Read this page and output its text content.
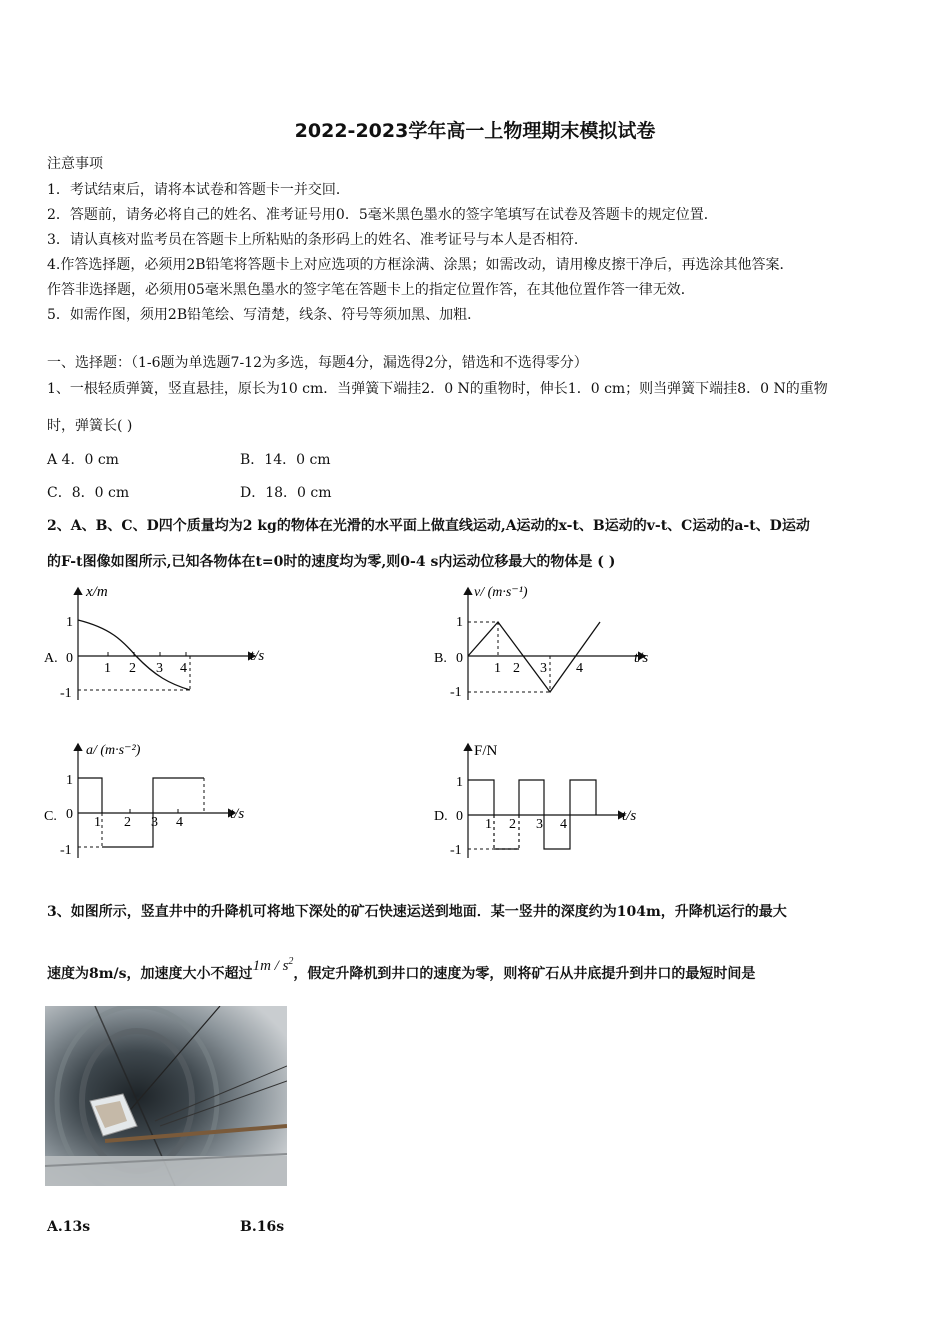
2022-2023学年高一上物理期末模拟试卷
注意事项
1．考试结束后，请将本试卷和答题卡一并交回．
2．答题前，请务必将自己的姓名、准考证号用0．5毫米黑色墨水的签字笔填写在试卷及答题卡的规定位置．
3．请认真核对监考员在答题卡上所粘贴的条形码上的姓名、准考证号与本人是否相符．
4.作答选择题，必须用2B铅笔将答题卡上对应选项的方框涂满、涂黑；如需改动，请用橡皮擦干净后，再选涂其他答案．
作答非选择题，必须用05毫米黑色墨水的签字笔在答题卡上的指定位置作答，在其他位置作答一律无效．
5．如需作图，须用2B铅笔绘、写清楚，线条、符号等须加黑、加粗．
一、选择题：（1-6题为单选题7-12为多选，每题4分，漏选得2分，错选和不选得零分）
1、一根轻质弹簧，竖直悬挂，原长为10 cm．当弹簧下端挂2．0 N的重物时，伸长1．0 cm；则当弹簧下端挂8．0 N的重物
时，弹簧长( )
A 4．0 cm	B．14．0 cm
C．8．0 cm	D．18．0 cm
2、A、B、C、D四个质量均为2 kg的物体在光滑的水平面上做直线运动,A运动的x-t、B运动的v-t、C运动的a-t、D运动
的F-t图像如图所示,已知各物体在t=0时的速度均为零,则0-4 s内运动位移最大的物体是 ( )
A.
x/m
t/s
1
0
-1
1 2 3 4
B.
v/ (m·s⁻¹)
t/s
1
0
-1
1 2 3 4
C.
a/ (m·s⁻²)
t/s
1
0
-1
1 2 3 4	D.
F/N
t/s
1
0
-1
1 2 3 4
3、如图所示，竖直井中的升降机可将地下深处的矿石快速运送到地面．某一竖井的深度约为104m，升降机运行的最大
速度为8m/s，加速度大小不超过$1m / s^2$，假定升降机到井口的速度为零，则将矿石从井底提升到井口的最短时间是
A.13s	B.16s
